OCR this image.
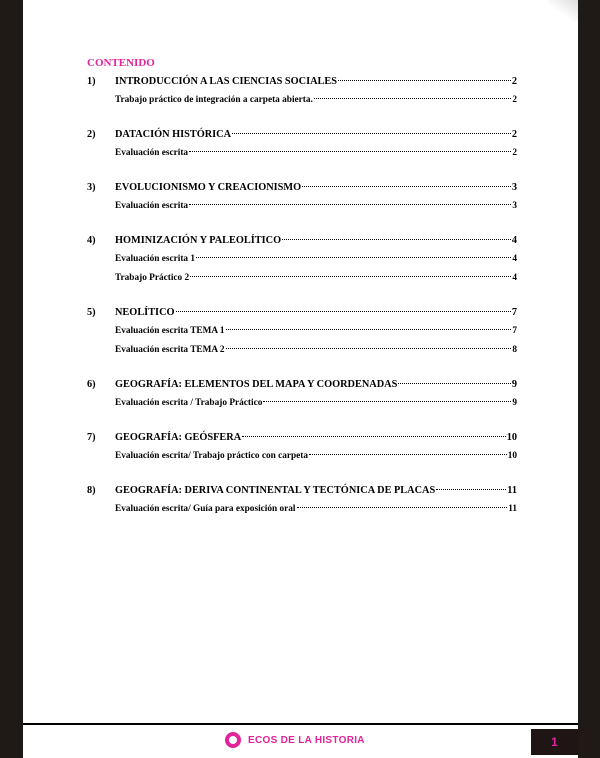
CONTENIDO
1)	INTRODUCCIÓN A LAS CIENCIAS SOCIALES	2
Trabajo práctico de integración a carpeta abierta.	2
2)	DATACIÓN HISTÓRICA	2
Evaluación escrita	2
3)	EVOLUCIONISMO Y CREACIONISMO	3
Evaluación escrita	3
4)	HOMINIZACIÓN Y PALEOLÍTICO	4
Evaluación escrita 1	4
Trabajo Práctico 2	4
5)	NEOLÍTICO	7
Evaluación escrita TEMA 1	7
Evaluación escrita TEMA 2	8
6)	GEOGRAFÍA: ELEMENTOS DEL MAPA Y COORDENADAS	9
Evaluación escrita / Trabajo Práctico	9
7)	GEOGRAFÍA: GEÓSFERA	10
Evaluación escrita/ Trabajo práctico con carpeta	10
8)	GEOGRAFÍA: DERIVA CONTINENTAL Y TECTÓNICA DE PLACAS	11
Evaluación escrita/ Guía para exposición oral	11
ECOS DE LA HISTORIA	1
